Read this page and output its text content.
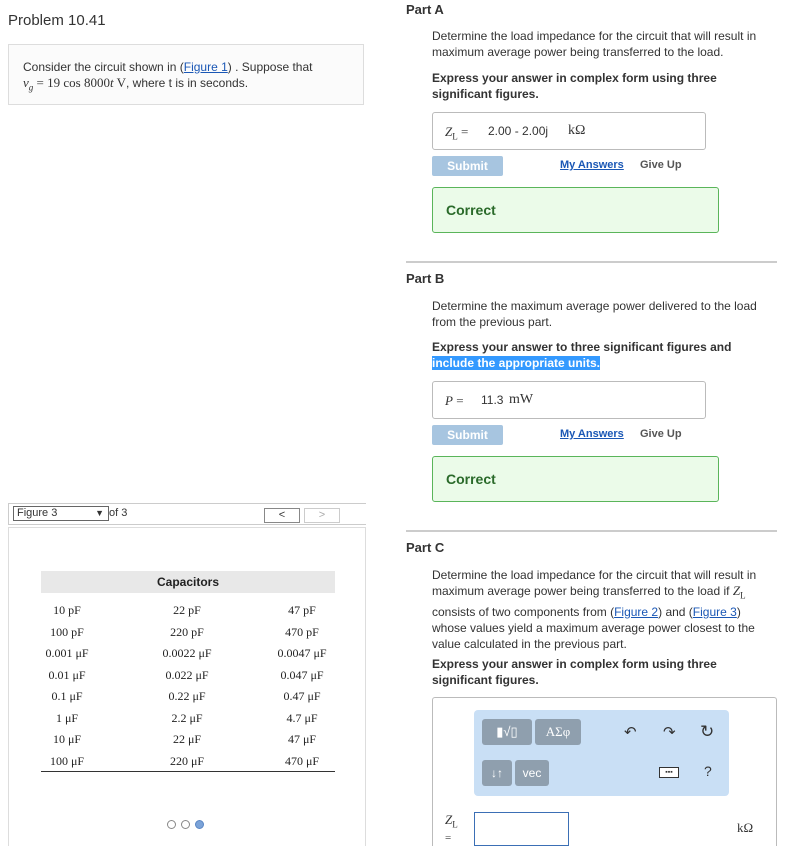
Problem 10.41
Consider the circuit shown in (Figure 1) . Suppose that
$v_g = 19$ cos 8000t V, where t is in seconds.
Figure 3	▼ of 3	<	>
Capacitors
10 pF	22 pF	47 pF
100 pF	220 pF	470 pF
0.001 μF	0.0022 μF	0.0047 μF
0.01 μF	0.022 μF	0.047 μF
0.1 μF	0.22 μF	0.47 μF
1 μF	2.2 μF	4.7 μF
10 μF	22 μF	47 μF
100 μF	220 μF	470 μF
Part A
Determine the load impedance for the circuit that will result in maximum average power being transferred to the load.
Express your answer in complex form using three significant figures.
$Z_L = 2.00 - 2.00j$ kΩ
Submit	My Answers Give Up
Correct
Part B
Determine the maximum average power delivered to the load from the previous part.
Express your answer to three significant figures and
include the appropriate units.
P = 11.3 mW
Submit	My Answers Give Up
Correct
Part C
Determine the load impedance for the circuit that will result in maximum average power being transferred to the load if $Z_L$ consists of two components from (Figure 2) and (Figure 3) whose values yield a maximum average power closest to the value calculated in the previous part.
Express your answer in complex form using three significant figures.
▮√▯	ΑΣφ	↶ ↷ ↻
↓↑	vec	▪▪▪	?
$Z_L$
=
kΩ
